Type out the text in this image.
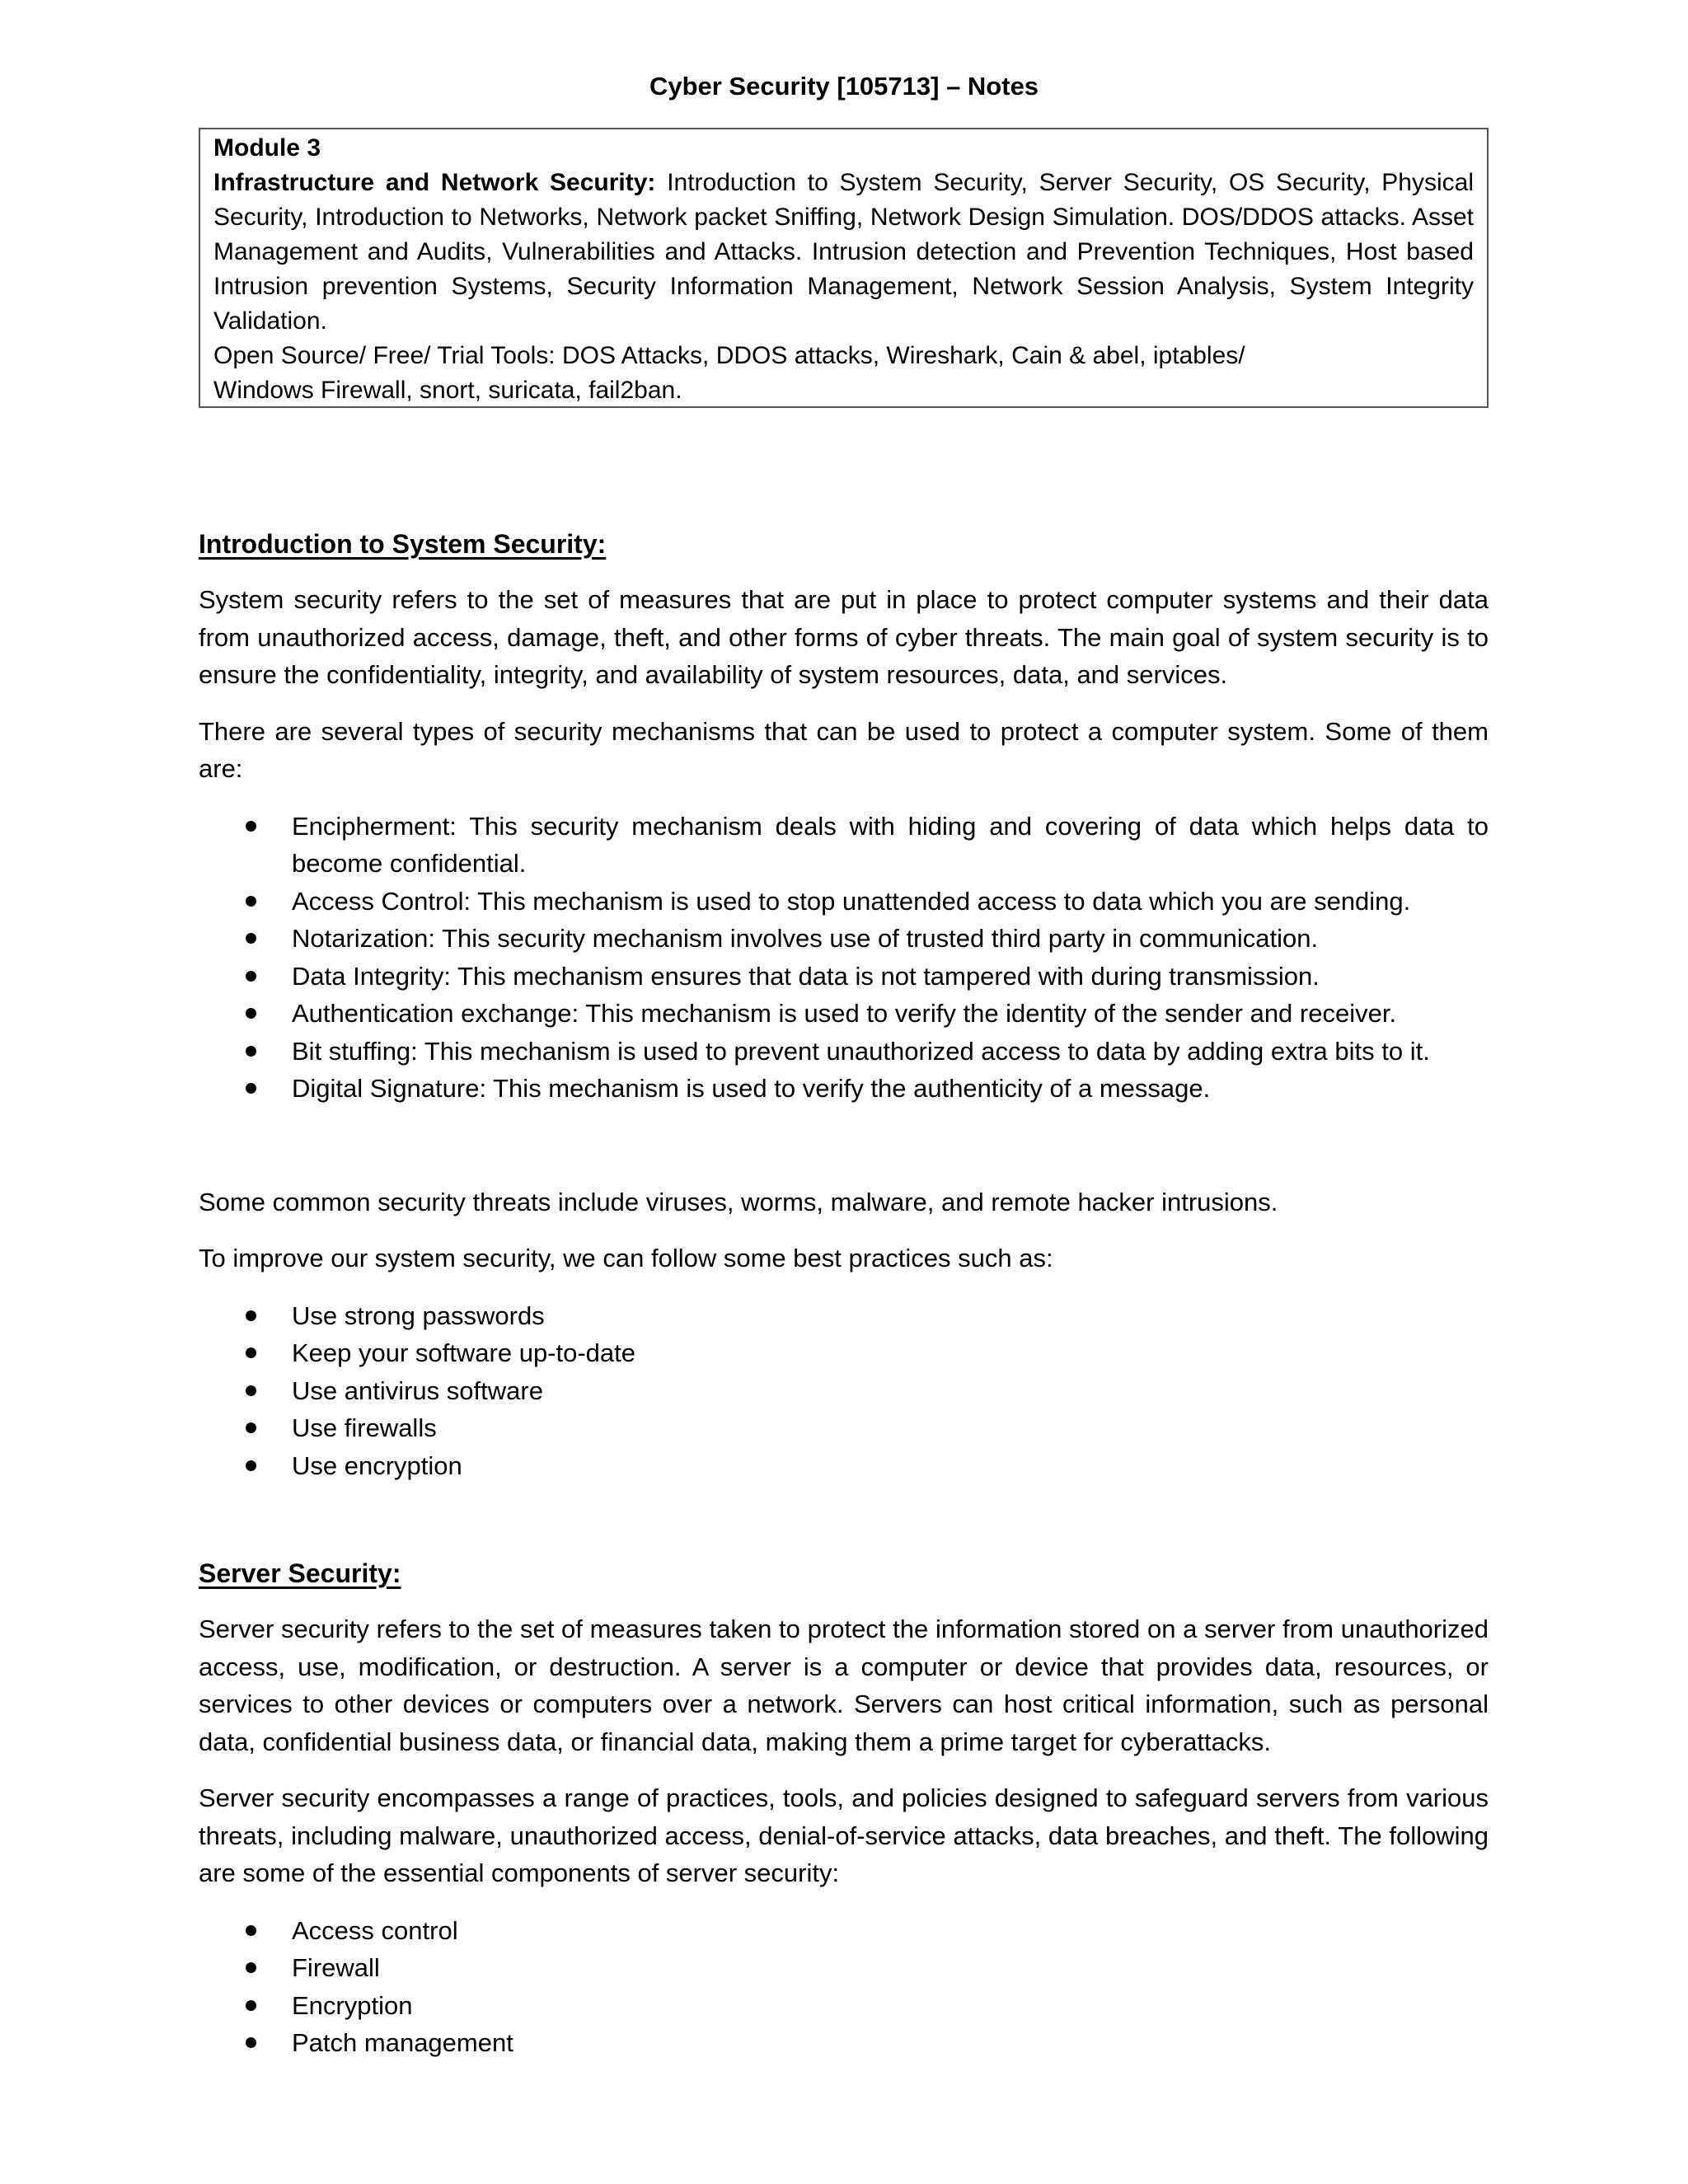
Cyber Security [105713] – Notes
Module 3
Infrastructure and Network Security: Introduction to System Security, Server Security, OS Security, Physical Security, Introduction to Networks, Network packet Sniffing, Network Design Simulation. DOS/DDOS attacks. Asset Management and Audits, Vulnerabilities and Attacks. Intrusion detection and Prevention Techniques, Host based Intrusion prevention Systems, Security Information Management, Network Session Analysis, System Integrity Validation.
Open Source/ Free/ Trial Tools: DOS Attacks, DDOS attacks, Wireshark, Cain & abel, iptables/
Windows Firewall, snort, suricata, fail2ban.
Introduction to System Security:

System security refers to the set of measures that are put in place to protect computer systems and their data from unauthorized access, damage, theft, and other forms of cyber threats. The main goal of system security is to ensure the confidentiality, integrity, and availability of system resources, data, and services.

There are several types of security mechanisms that can be used to protect a computer system. Some of them are:

Encipherment: This security mechanism deals with hiding and covering of data which helps data to become confidential.
Access Control: This mechanism is used to stop unattended access to data which you are sending.
Notarization: This security mechanism involves use of trusted third party in communication.
Data Integrity: This mechanism ensures that data is not tampered with during transmission.
Authentication exchange: This mechanism is used to verify the identity of the sender and receiver.
Bit stuffing: This mechanism is used to prevent unauthorized access to data by adding extra bits to it.
Digital Signature: This mechanism is used to verify the authenticity of a message.

Some common security threats include viruses, worms, malware, and remote hacker intrusions.

To improve our system security, we can follow some best practices such as:

Use strong passwords
Keep your software up-to-date
Use antivirus software
Use firewalls
Use encryption
Server Security:

Server security refers to the set of measures taken to protect the information stored on a server from unauthorized access, use, modification, or destruction. A server is a computer or device that provides data, resources, or services to other devices or computers over a network. Servers can host critical information, such as personal data, confidential business data, or financial data, making them a prime target for cyberattacks.

Server security encompasses a range of practices, tools, and policies designed to safeguard servers from various threats, including malware, unauthorized access, denial-of-service attacks, data breaches, and theft. The following are some of the essential components of server security:

Access control
Firewall
Encryption
Patch management
